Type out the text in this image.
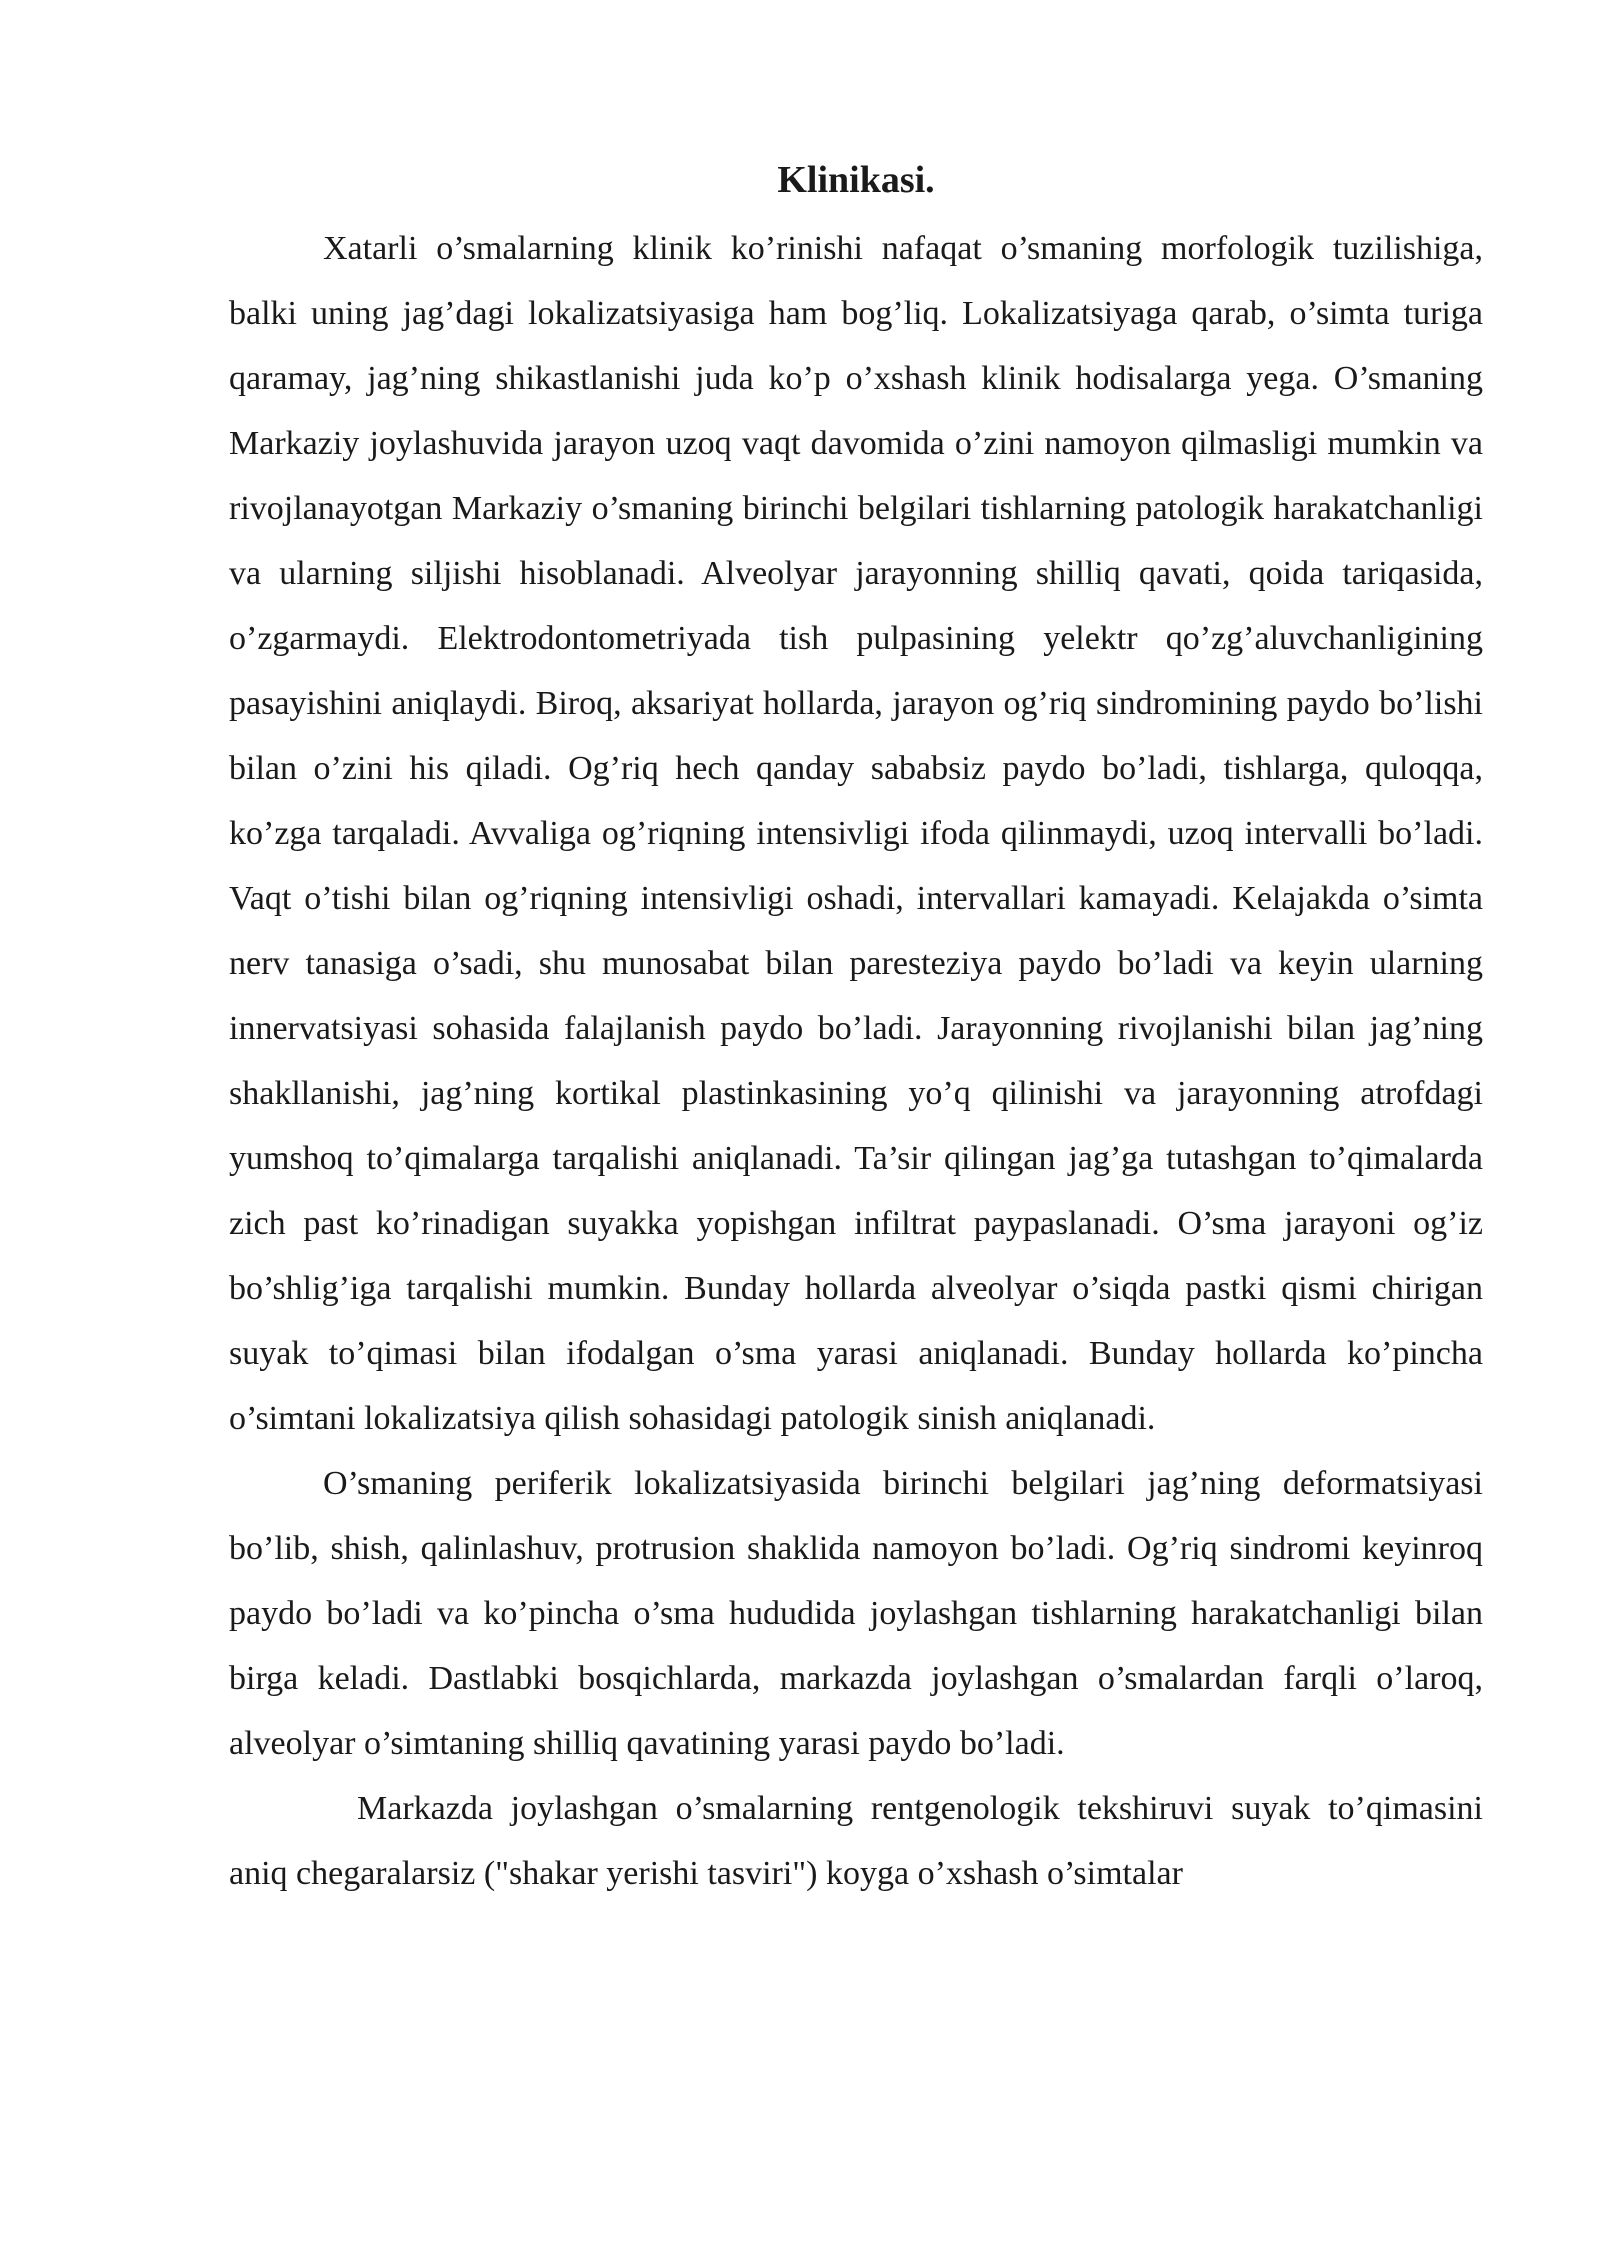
Klinikasi.

Xatarli o’smalarning klinik ko’rinishi nafaqat o’smaning morfologik tuzilishiga, balki uning jag’dagi lokalizatsiyasiga ham bog’liq. Lokalizatsiyaga qarab, o’simta turiga qaramay, jag’ning shikastlanishi juda ko’p o’xshash klinik hodisalarga yega. O’smaning Markaziy joylashuvida jarayon uzoq vaqt davomida o’zini namoyon qilmasligi mumkin va rivojlanayotgan Markaziy o’smaning birinchi belgilari tishlarning patologik harakatchanligi va ularning siljishi hisoblanadi. Alveolyar jarayonning shilliq qavati, qoida tariqasida, o’zgarmaydi. Elektrodontometriyada tish pulpasining yelektr qo’zg’aluvchanligining pasayishini aniqlaydi. Biroq, aksariyat hollarda, jarayon og’riq sindromining paydo bo’lishi bilan o’zini his qiladi. Og’riq hech qanday sababsiz paydo bo’ladi, tishlarga, quloqqa, ko’zga tarqaladi. Avvaliga og’riqning intensivligi ifoda qilinmaydi, uzoq intervalli bo’ladi. Vaqt o’tishi bilan og’riqning intensivligi oshadi, intervallari kamayadi. Kelajakda o’simta nerv tanasiga o’sadi, shu munosabat bilan paresteziya paydo bo’ladi va keyin ularning innervatsiyasi sohasida falajlanish paydo bo’ladi. Jarayonning rivojlanishi bilan jag’ning shakllanishi, jag’ning kortikal plastinkasining yo’q qilinishi va jarayonning atrofdagi yumshoq to’qimalarga tarqalishi aniqlanadi. Ta’sir qilingan jag’ga tutashgan to’qimalarda zich past ko’rinadigan suyakka yopishgan infiltrat paypaslanadi. O’sma jarayoni og’iz bo’shlig’iga tarqalishi mumkin. Bunday hollarda alveolyar o’siqda pastki qismi chirigan suyak to’qimasi bilan ifodalgan o’sma yarasi aniqlanadi. Bunday hollarda ko’pincha o’simtani lokalizatsiya qilish sohasidagi patologik sinish aniqlanadi.

O’smaning periferik lokalizatsiyasida birinchi belgilari jag’ning deformatsiyasi bo’lib, shish, qalinlashuv, protrusion shaklida namoyon bo’ladi. Og’riq sindromi keyinroq paydo bo’ladi va ko’pincha o’sma hududida joylashgan tishlarning harakatchanligi bilan birga keladi. Dastlabki bosqichlarda, markazda joylashgan o’smalardan farqli o’laroq, alveolyar o’simtaning shilliq qavatining yarasi paydo bo’ladi.

Markazda joylashgan o’smalarning rentgenologik tekshiruvi suyak to’qimasini aniq chegaralarsiz ("shakar yerishi tasviri") koyga o’xshash o’simtalar
